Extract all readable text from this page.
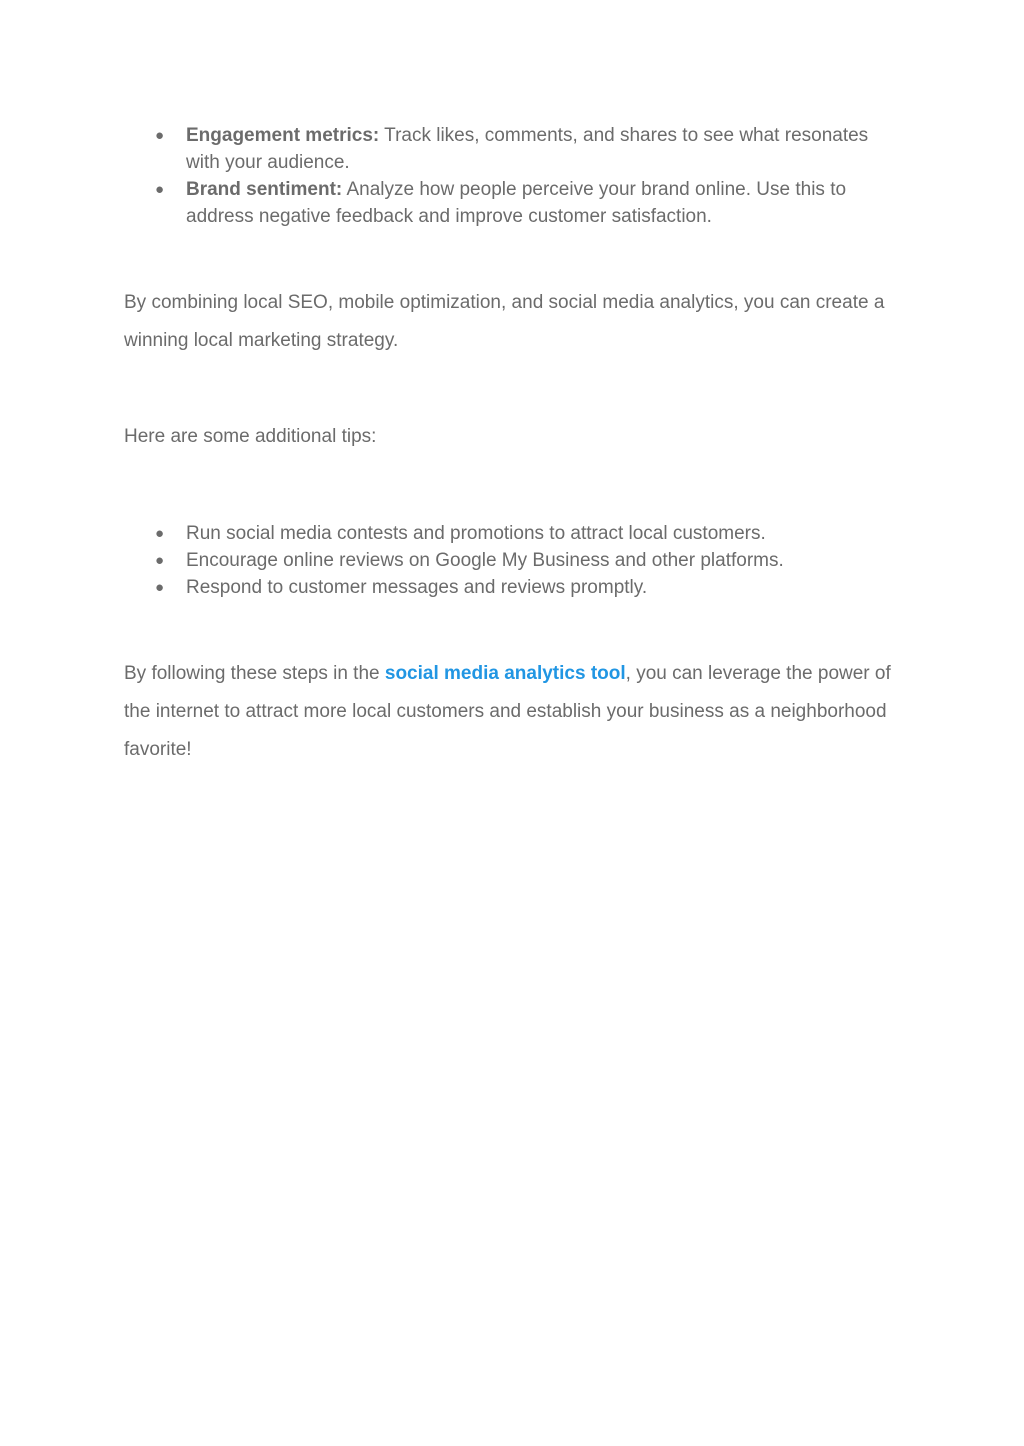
● Engagement metrics: Track likes, comments, and shares to see what resonates with your audience.
● Brand sentiment: Analyze how people perceive your brand online. Use this to address negative feedback and improve customer satisfaction.

By combining local SEO, mobile optimization, and social media analytics, you can create a winning local marketing strategy.

Here are some additional tips:

● Run social media contests and promotions to attract local customers.
● Encourage online reviews on Google My Business and other platforms.
● Respond to customer messages and reviews promptly.

By following these steps in the social media analytics tool, you can leverage the power of the internet to attract more local customers and establish your business as a neighborhood favorite!
